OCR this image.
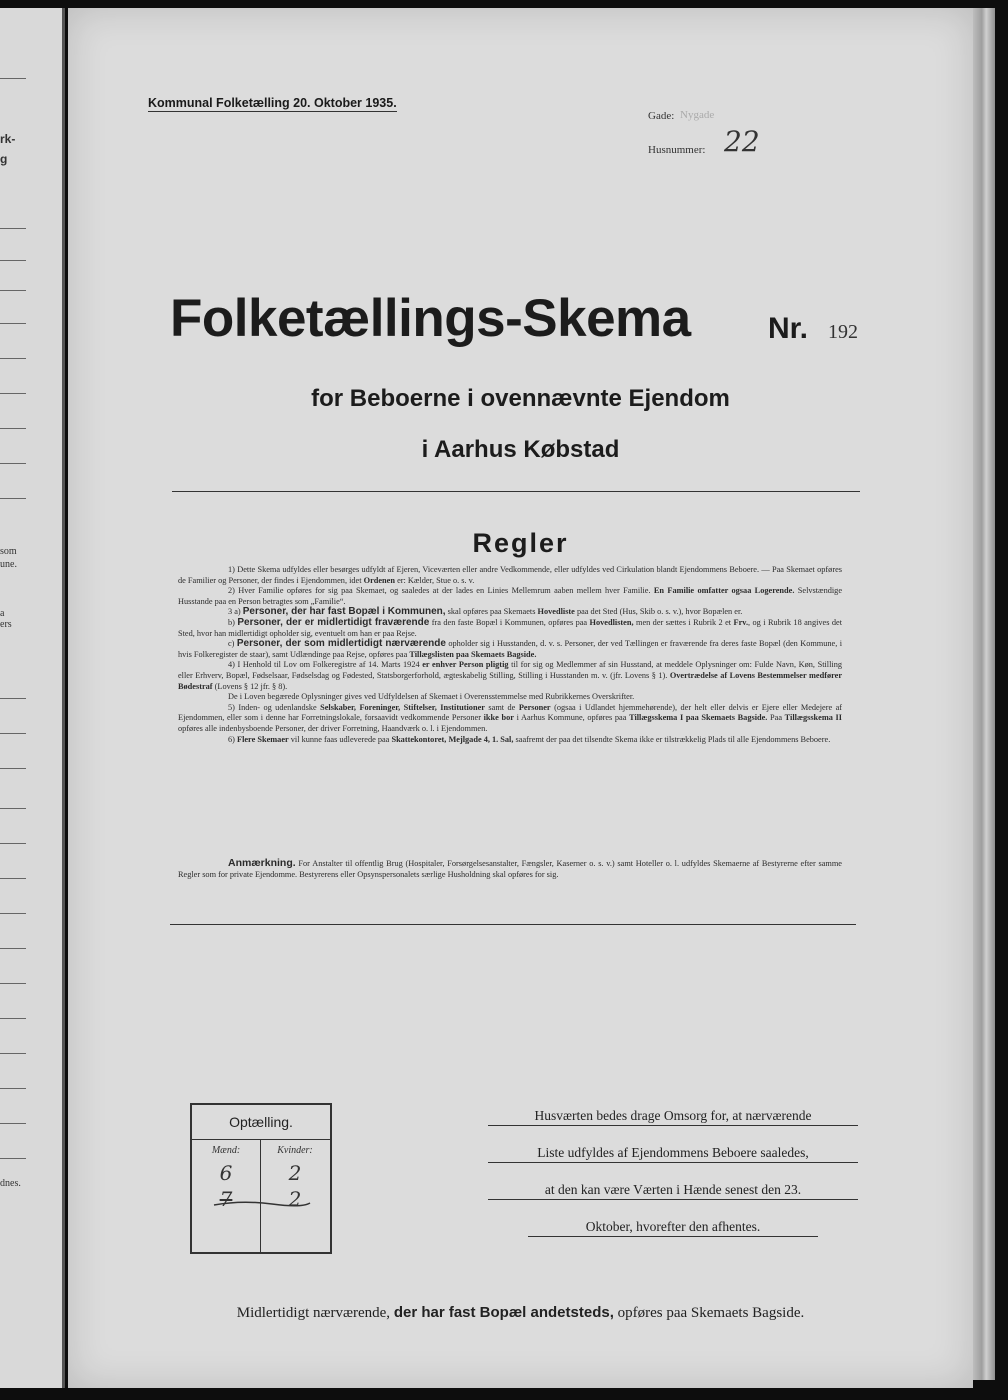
rk-
g
som
une.
a
ers
dnes.
Kommunal Folketælling 20. Oktober 1935.
Gade: Nygade
Husnummer: 22
Folketællings-Skema	Nr. 192
for Beboerne i ovennævnte Ejendom
i Aarhus Købstad
Regler

1) Dette Skema udfyldes eller besørges udfyldt af Ejeren, Viceværten eller andre Vedkommende, eller udfyldes ved Cirkulation blandt Ejendommens Beboere. — Paa Skemaet opføres de Familier og Personer, der findes i Ejendommen, idet Ordenen er: Kælder, Stue o. s. v.

2) Hver Familie opføres for sig paa Skemaet, og saaledes at der lades en Linies Mellemrum aaben mellem hver Familie. En Familie omfatter ogsaa Logerende. Selvstændige Husstande paa en Person betragtes som „Familie“.

3 a) Personer, der har fast Bopæl i Kommunen, skal opføres paa Skemaets Hovedliste paa det Sted (Hus, Skib o. s. v.), hvor Bopælen er.

b) Personer, der er midlertidigt fraværende fra den faste Bopæl i Kommunen, opføres paa Hovedlisten, men der sættes i Rubrik 2 et Frv., og i Rubrik 18 angives det Sted, hvor han midlertidigt opholder sig, eventuelt om han er paa Rejse.

c) Personer, der som midlertidigt nærværende opholder sig i Husstanden, d. v. s. Personer, der ved Tællingen er fraværende fra deres faste Bopæl (den Kommune, i hvis Folkeregister de staar), samt Udlændinge paa Rejse, opføres paa Tillægslisten paa Skemaets Bagside.

4) I Henhold til Lov om Folkeregistre af 14. Marts 1924 er enhver Person pligtig til for sig og Medlemmer af sin Husstand, at meddele Oplysninger om: Fulde Navn, Køn, Stilling eller Erhverv, Bopæl, Fødselsaar, Fødselsdag og Fødested, Statsborgerforhold, ægteskabelig Stilling, Stilling i Husstanden m. v. (jfr. Lovens § 1). Overtrædelse af Lovens Bestemmelser medfører Bødestraf (Lovens § 12 jfr. § 8).

De i Loven begærede Oplysninger gives ved Udfyldelsen af Skemaet i Overensstemmelse med Rubrikkernes Overskrifter.

5) Inden- og udenlandske Selskaber, Foreninger, Stiftelser, Institutioner samt de Personer (ogsaa i Udlandet hjemmehørende), der helt eller delvis er Ejere eller Medejere af Ejendommen, eller som i denne har Forretningslokale, forsaavidt vedkommende Personer ikke bor i Aarhus Kommune, opføres paa Tillægsskema I paa Skemaets Bagside. Paa Tillægsskema II opføres alle indenbysboende Personer, der driver Forretning, Haandværk o. l. i Ejendommen.

6) Flere Skemaer vil kunne faas udleverede paa Skattekontoret, Mejlgade 4, 1. Sal, saafremt der paa det tilsendte Skema ikke er tilstrækkelig Plads til alle Ejendommens Beboere.

Anmærkning. For Anstalter til offentlig Brug (Hospitaler, Forsørgelsesanstalter, Fængsler, Kaserner o. s. v.) samt Hoteller o. l. udfyldes Skemaerne af Bestyrerne efter samme Regler som for private Ejendomme. Bestyrerens eller Opsynspersonalets særlige Husholdning skal opføres for sig.
Optælling.
Mænd:	Kvinder:
6	2
7	2
Husværten bedes drage Omsorg for, at nærværende
Liste udfyldes af Ejendommens Beboere saaledes,
at den kan være Værten i Hænde senest den 23.
Oktober, hvorefter den afhentes.
Midlertidigt nærværende, der har fast Bopæl andetsteds, opføres paa Skemaets Bagside.
